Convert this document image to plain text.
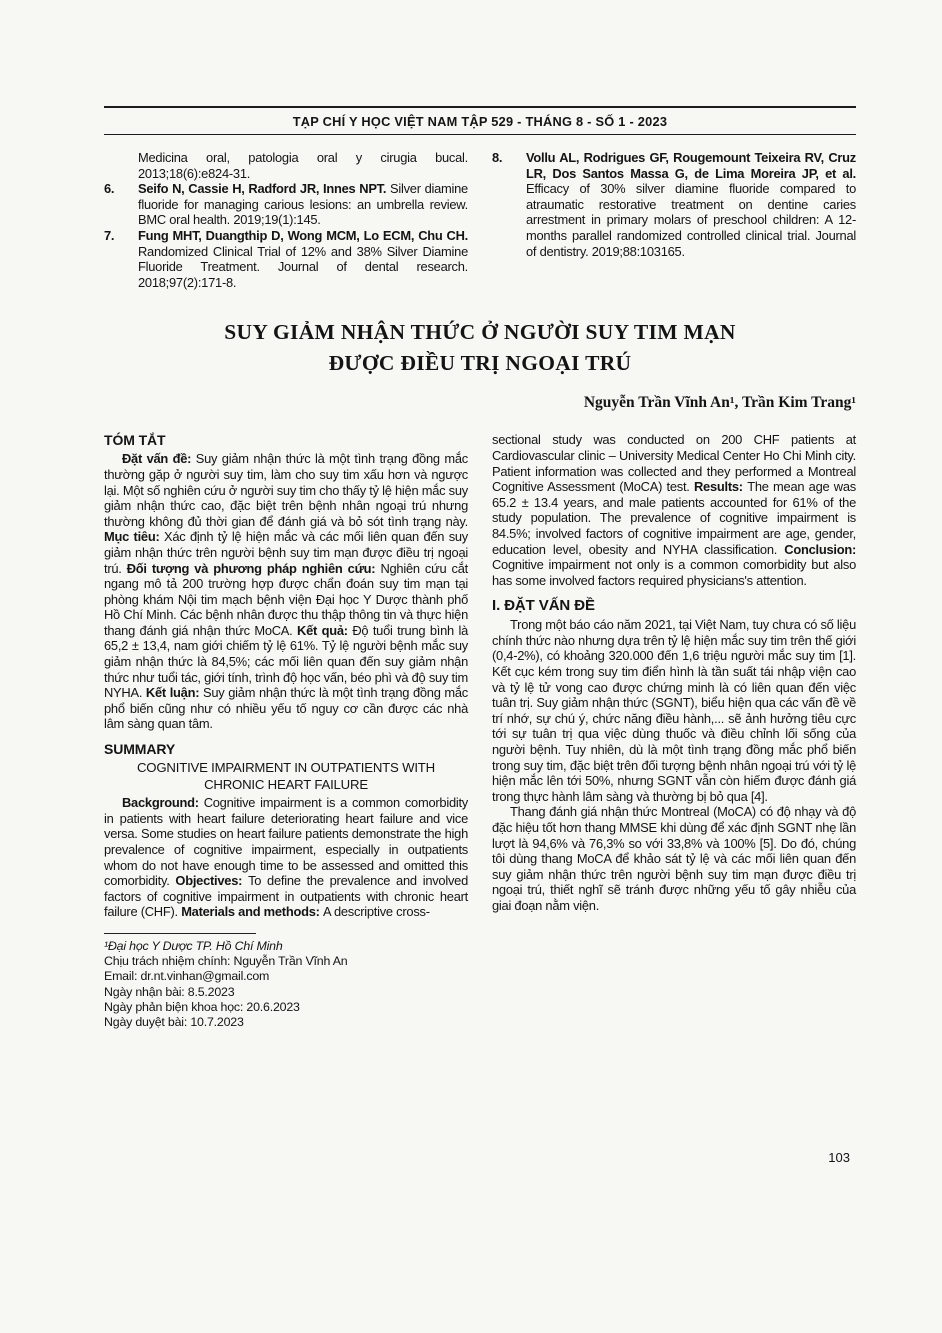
TẠP CHÍ Y HỌC VIỆT NAM TẬP 529 - THÁNG 8 - SỐ 1 - 2023

Medicina oral, patologia oral y cirugia bucal. 2013;18(6):e824-31.

6. Seifo N, Cassie H, Radford JR, Innes NPT. Silver diamine fluoride for managing carious lesions: an umbrella review. BMC oral health. 2019;19(1):145.

7. Fung MHT, Duangthip D, Wong MCM, Lo ECM, Chu CH. Randomized Clinical Trial of 12% and 38% Silver Diamine Fluoride Treatment. Journal of dental research. 2018;97(2):171-8.

8. Vollu AL, Rodrigues GF, Rougemount Teixeira RV, Cruz LR, Dos Santos Massa G, de Lima Moreira JP, et al. Efficacy of 30% silver diamine fluoride compared to atraumatic restorative treatment on dentine caries arrestment in primary molars of preschool children: A 12-months parallel randomized controlled clinical trial. Journal of dentistry. 2019;88:103165.

SUY GIẢM NHẬN THỨC Ở NGƯỜI SUY TIM MẠN
ĐƯỢC ĐIỀU TRỊ NGOẠI TRÚ
Nguyễn Trần Vĩnh An¹, Trần Kim Trang¹
TÓM TẮT

Đặt vấn đề: Suy giảm nhận thức là một tình trạng đồng mắc thường gặp ở người suy tim, làm cho suy tim xấu hơn và ngược lại. Một số nghiên cứu ở người suy tim cho thấy tỷ lệ hiện mắc suy giảm nhận thức cao, đặc biệt trên bệnh nhân ngoại trú nhưng thường không đủ thời gian để đánh giá và bỏ sót tình trạng này. Mục tiêu: Xác định tỷ lệ hiện mắc và các mối liên quan đến suy giảm nhận thức trên người bệnh suy tim mạn được điều trị ngoại trú. Đối tượng và phương pháp nghiên cứu: Nghiên cứu cắt ngang mô tả 200 trường hợp được chẩn đoán suy tim mạn tại phòng khám Nội tim mạch bệnh viện Đại học Y Dược thành phố Hồ Chí Minh. Các bệnh nhân được thu thập thông tin và thực hiện thang đánh giá nhận thức MoCA. Kết quả: Độ tuổi trung bình là 65,2 ± 13,4, nam giới chiếm tỷ lệ 61%. Tỷ lệ người bệnh mắc suy giảm nhận thức là 84,5%; các mối liên quan đến suy giảm nhận thức như tuổi tác, giới tính, trình độ học vấn, béo phì và độ suy tim NYHA. Kết luận: Suy giảm nhận thức là một tình trạng đồng mắc phổ biến cũng như có nhiều yếu tố nguy cơ cần được các nhà lâm sàng quan tâm.

SUMMARY
COGNITIVE IMPAIRMENT IN OUTPATIENTS WITH CHRONIC HEART FAILURE

Background: Cognitive impairment is a common comorbidity in patients with heart failure deteriorating heart failure and vice versa. Some studies on heart failure patients demonstrate the high prevalence of cognitive impairment, especially in outpatients whom do not have enough time to be assessed and omitted this comorbidity. Objectives: To define the prevalence and involved factors of cognitive impairment in outpatients with chronic heart failure (CHF). Materials and methods: A descriptive cross-

¹Đại học Y Dược TP. Hồ Chí Minh
Chịu trách nhiệm chính: Nguyễn Trần Vĩnh An
Email: dr.nt.vinhan@gmail.com
Ngày nhận bài: 8.5.2023
Ngày phản biện khoa học: 20.6.2023
Ngày duyệt bài: 10.7.2023

sectional study was conducted on 200 CHF patients at Cardiovascular clinic – University Medical Center Ho Chi Minh city. Patient information was collected and they performed a Montreal Cognitive Assessment (MoCA) test. Results: The mean age was 65.2 ± 13.4 years, and male patients accounted for 61% of the study population. The prevalence of cognitive impairment is 84.5%; involved factors of cognitive impairment are age, gender, education level, obesity and NYHA classification. Conclusion: Cognitive impairment not only is a common comorbidity but also has some involved factors required physicians's attention.

I. ĐẶT VẤN ĐỀ

Trong một báo cáo năm 2021, tại Việt Nam, tuy chưa có số liệu chính thức nào nhưng dựa trên tỷ lệ hiện mắc suy tim trên thế giới (0,4-2%), có khoảng 320.000 đến 1,6 triệu người mắc suy tim [1]. Kết cục kém trong suy tim điển hình là tần suất tái nhập viện cao và tỷ lệ tử vong cao được chứng minh là có liên quan đến việc tuân trị. Suy giảm nhận thức (SGNT), biểu hiện qua các vấn đề về trí nhớ, sự chú ý, chức năng điều hành,... sẽ ảnh hưởng tiêu cực tới sự tuân trị qua việc dùng thuốc và điều chỉnh lối sống của người bệnh. Tuy nhiên, dù là một tình trạng đồng mắc phổ biến trong suy tim, đặc biệt trên đối tượng bệnh nhân ngoại trú với tỷ lệ hiện mắc lên tới 50%, nhưng SGNT vẫn còn hiếm được đánh giá trong thực hành lâm sàng và thường bị bỏ qua [4].

Thang đánh giá nhận thức Montreal (MoCA) có độ nhạy và độ đặc hiệu tốt hơn thang MMSE khi dùng để xác định SGNT nhẹ lần lượt là 94,6% và 76,3% so với 33,8% và 100% [5]. Do đó, chúng tôi dùng thang MoCA để khảo sát tỷ lệ và các mối liên quan đến suy giảm nhận thức trên người bệnh suy tim mạn được điều trị ngoại trú, thiết nghĩ sẽ tránh được những yếu tố gây nhiễu của giai đoạn nằm viện.

103
